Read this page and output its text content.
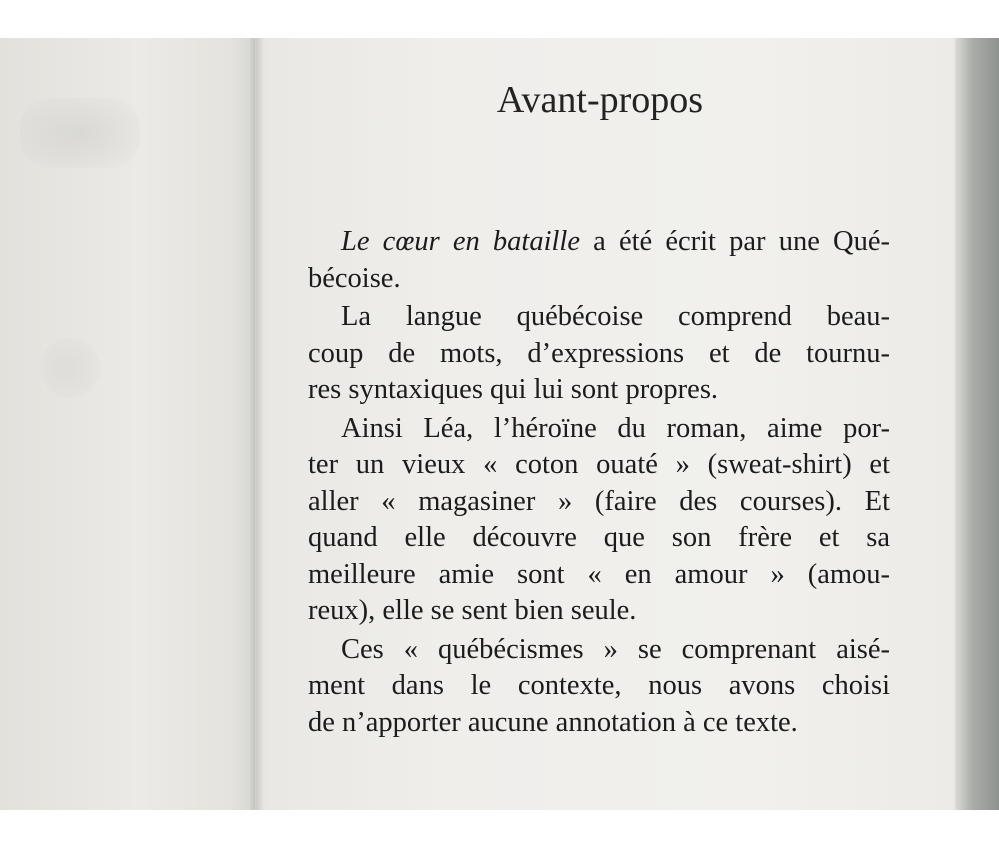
Avant-propos
Le cœur en bataille a été écrit par une Qué-
bécoise.
La langue québécoise comprend beau-
coup de mots, d’expressions et de tournu-
res syntaxiques qui lui sont propres.
Ainsi Léa, l’héroïne du roman, aime por-
ter un vieux « coton ouaté » (sweat-shirt) et
aller « magasiner » (faire des courses). Et
quand elle découvre que son frère et sa
meilleure amie sont « en amour » (amou-
reux), elle se sent bien seule.
Ces « québécismes » se comprenant aisé-
ment dans le contexte, nous avons choisi
de n’apporter aucune annotation à ce texte.
